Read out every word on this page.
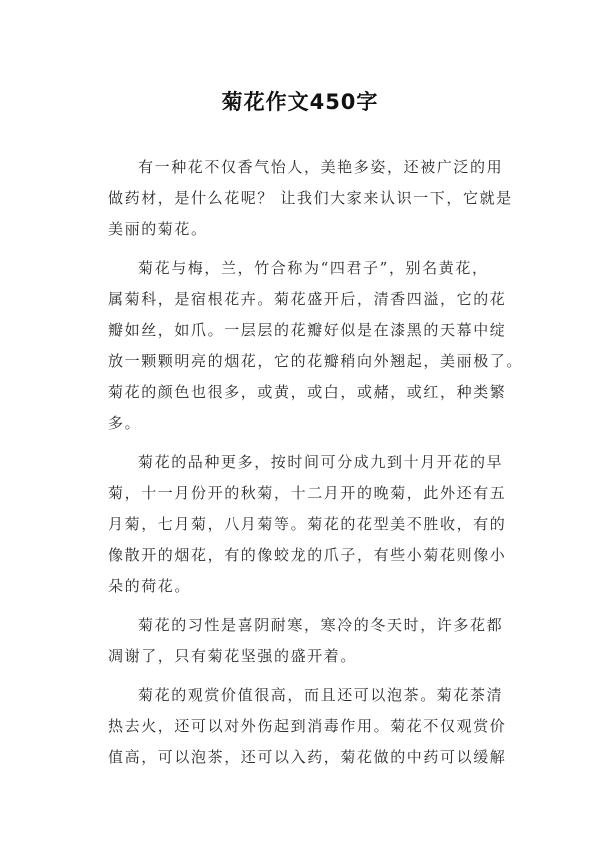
菊花作文450字
有一种花不仅香气怡人，美艳多姿，还被广泛的用
做药材，是什么花呢？ 让我们大家来认识一下，它就是
美丽的菊花。
菊花与梅，兰，竹合称为“四君子”，别名黄花，
属菊科，是宿根花卉。菊花盛开后，清香四溢，它的花
瓣如丝，如爪。一层层的花瓣好似是在漆黑的天幕中绽
放一颗颗明亮的烟花，它的花瓣稍向外翘起，美丽极了。
菊花的颜色也很多，或黄，或白，或赭，或红，种类繁
多。
菊花的品种更多，按时间可分成九到十月开花的早
菊，十一月份开的秋菊，十二月开的晚菊，此外还有五
月菊，七月菊，八月菊等。菊花的花型美不胜收，有的
像散开的烟花，有的像蛟龙的爪子，有些小菊花则像小
朵的荷花。
菊花的习性是喜阴耐寒，寒冷的冬天时，许多花都
凋谢了，只有菊花坚强的盛开着。
菊花的观赏价值很高，而且还可以泡茶。菊花茶清
热去火，还可以对外伤起到消毒作用。菊花不仅观赏价
值高，可以泡茶，还可以入药，菊花做的中药可以缓解
